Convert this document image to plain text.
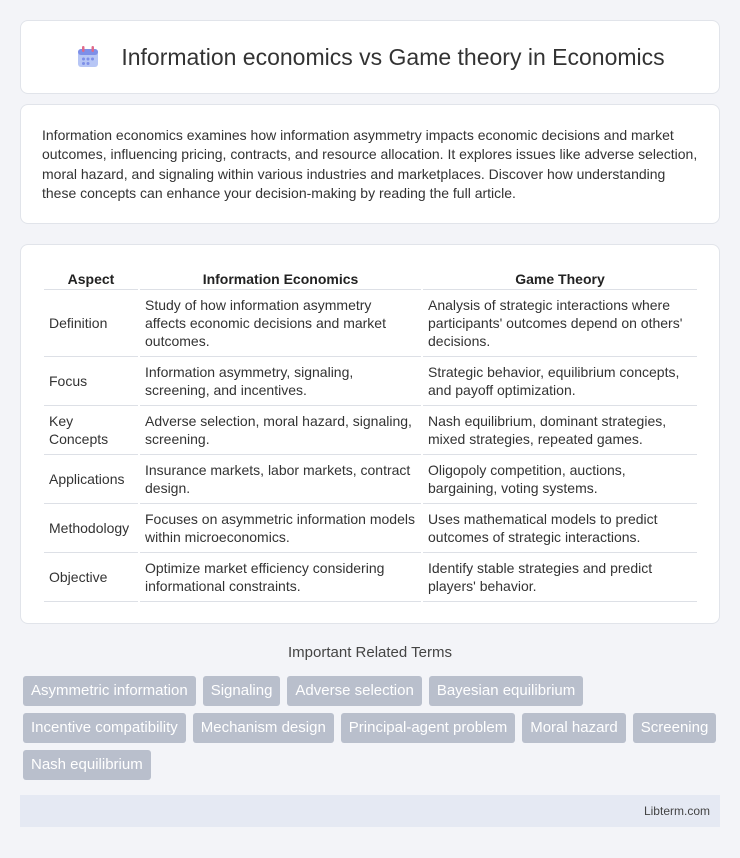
Information economics vs Game theory in Economics

Information economics examines how information asymmetry impacts economic decisions and market outcomes, influencing pricing, contracts, and resource allocation. It explores issues like adverse selection, moral hazard, and signaling within various industries and marketplaces. Discover how understanding these concepts can enhance your decision-making by reading the full article.

Aspect	Information Economics	Game Theory
Definition	Study of how information asymmetry affects economic decisions and market outcomes.	Analysis of strategic interactions where participants' outcomes depend on others' decisions.
Focus	Information asymmetry, signaling, screening, and incentives.	Strategic behavior, equilibrium concepts, and payoff optimization.
Key Concepts	Adverse selection, moral hazard, signaling, screening.	Nash equilibrium, dominant strategies, mixed strategies, repeated games.
Applications	Insurance markets, labor markets, contract design.	Oligopoly competition, auctions, bargaining, voting systems.
Methodology	Focuses on asymmetric information models within microeconomics.	Uses mathematical models to predict outcomes of strategic interactions.
Objective	Optimize market efficiency considering informational constraints.	Identify stable strategies and predict players' behavior.
Important Related Terms
Asymmetric information	Signaling	Adverse selection	Bayesian equilibrium
Incentive compatibility	Mechanism design	Principal-agent problem	Moral hazard	Screening
Nash equilibrium
Libterm.com
